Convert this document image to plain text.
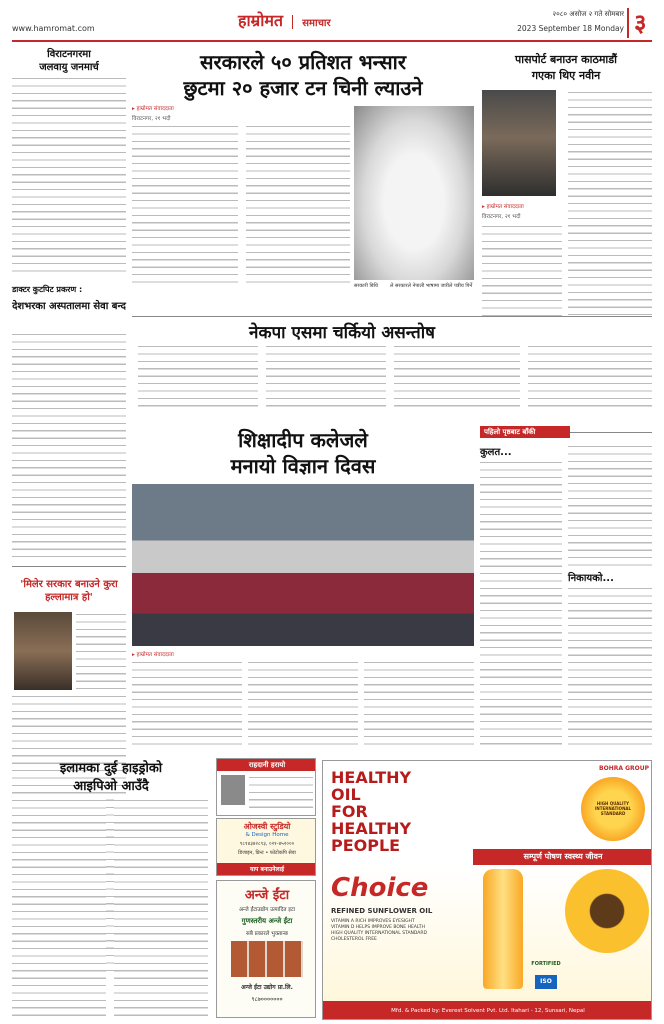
www.hamromat.com	हाम्रोमत समाचार
२०८० असोज २ गते सोमबार
2023 September 18 Monday ३
विराटनगरमा
जलवायु जनमार्च
डाक्टर कुटपिट प्रकरण :
देशभरका अस्पतालमा सेवा बन्द
'मिलेर सरकार बनाउने कुरा हल्लामात्र हो'
सरकारले ५० प्रतिशत भन्सार
छुटमा २० हजार टन चिनी ल्याउने
▸ हाम्रोमत संवाददाता
विराटनगर, २१ भदौ
सरकारी बिधि	ले सरकारले नेपाली भाषामा जारीले पत्रीय पिर्ने
पासपोर्ट बनाउन काठमाडौं
गएका थिए नवीन
▸ हाम्रोमत संवाददाता
विराटनगर, २१ भदौ
नेकपा एसमा चर्कियो असन्तोष
शिक्षादीप कलेजले
मनायो विज्ञान दिवस
▸ हाम्रोमत संवाददाता
पहिलो पृष्ठबाट बाँकी
कुलत...
निकायको...
इलामका दुई हाइड्रोको
आइपिओ आउँदै
राहदानी हरायो
ओजस्वी स्टुडियो
& Design Home
९८१४३४२८९३, ०२१-४५२०००
डिजाइन, प्रिन्ट • फोटोकपि सेवा
याप बनाउनेलाई
अन्जे ईंटा
अन्जे ईंटाउद्योग उत्पादित इटा
गुणस्तरीय अन्जे ईंटा
सबै प्रकारले भुक्तान्छ
अन्जे ईंटा उद्योग प्रा.लि.
९८७०००००००
HEALTHY
OIL
FOR
HEALTHY
PEOPLE
BOHRA GROUP
HIGH QUALITY INTERNATIONAL STANDARD
सम्पूर्ण पोषण स्वस्थ्य जीवन
Choice
REFINED SUNFLOWER OIL
VITAMIN A RICH IMPROVES EYESIGHT
VITAMIN D HELPS IMPROVE BONE HEALTH
HIGH QUALITY INTERNATIONAL STANDARD
CHOLESTEROL FREE
FORTIFIED
ISO
Mfd. & Packed by: Everest Solvent Pvt. Ltd. Itahari - 12, Sunsari, Nepal
